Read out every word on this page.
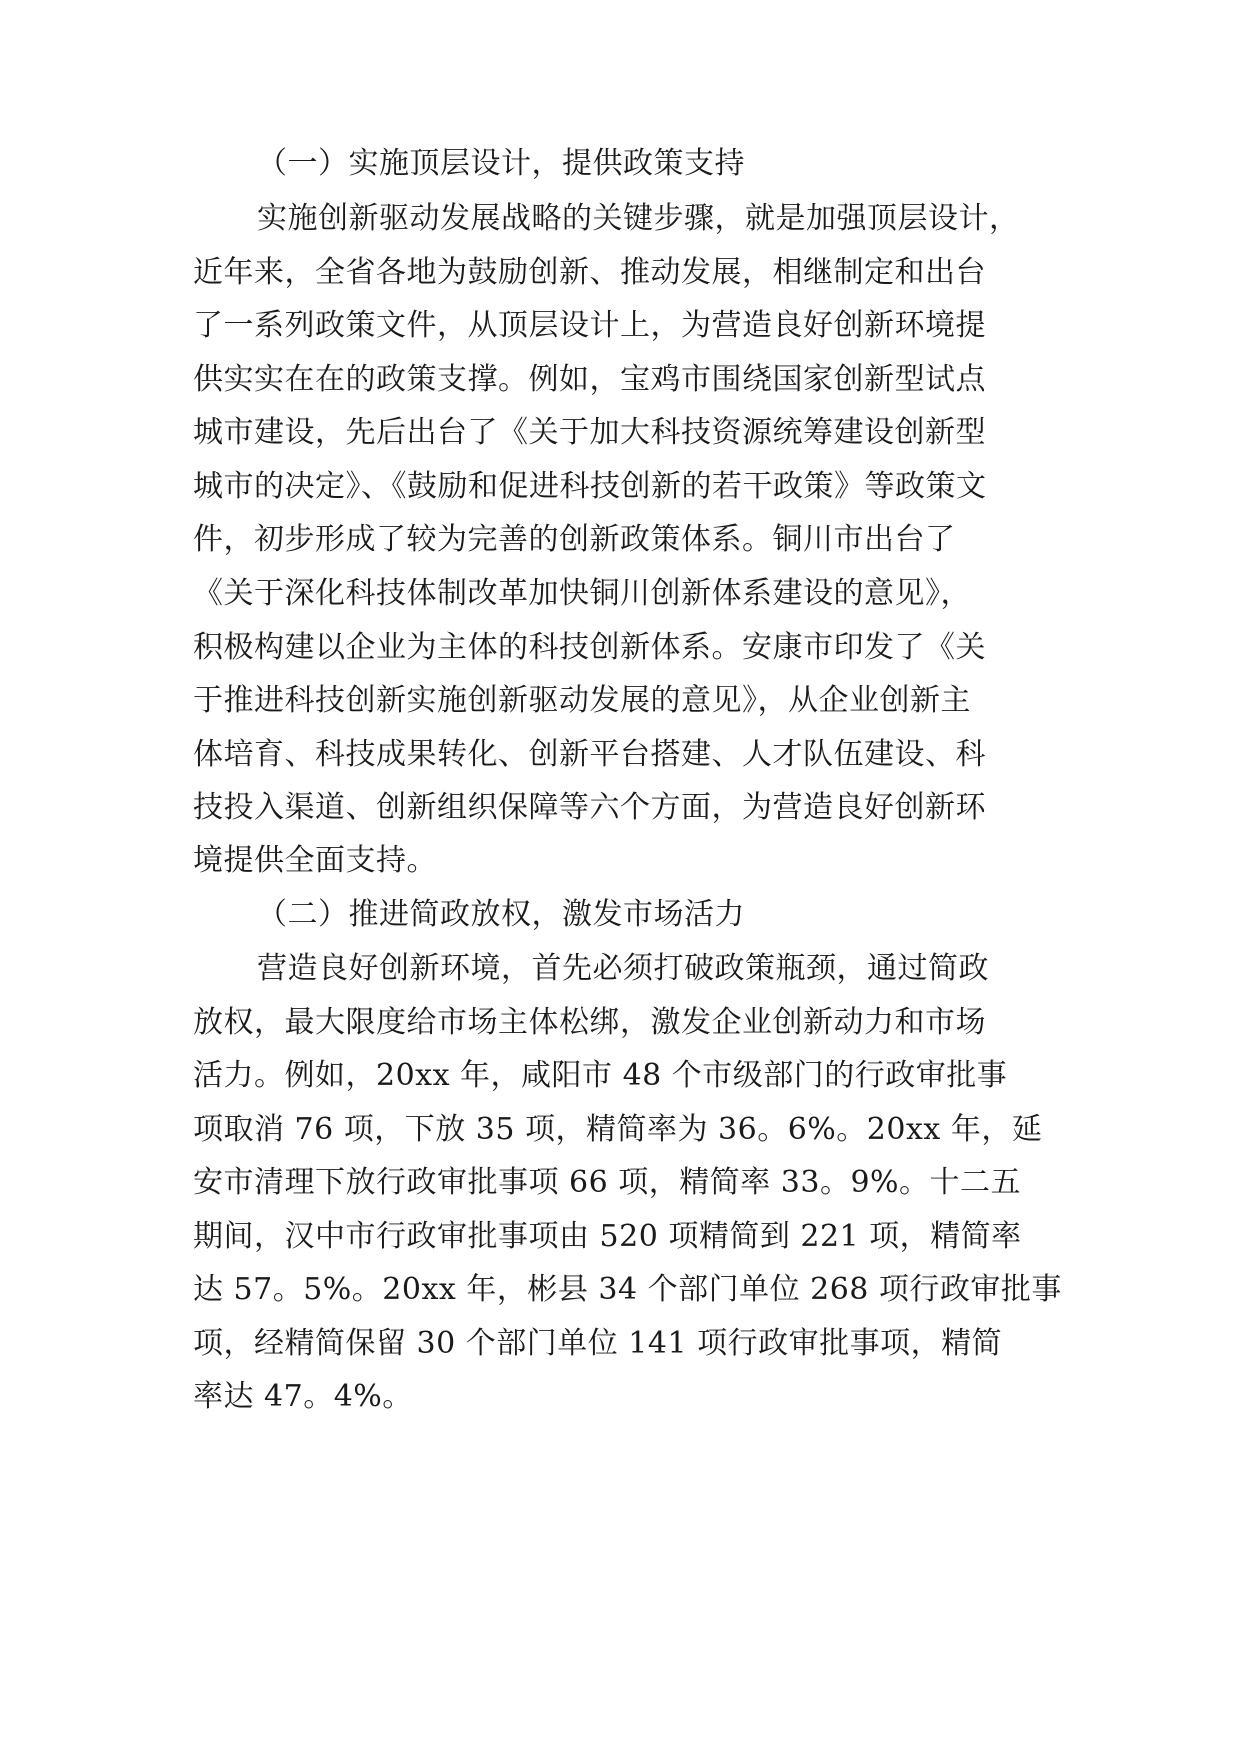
（一）实施顶层设计，提供政策支持
实施创新驱动发展战略的关键步骤，就是加强顶层设计，
近年来，全省各地为鼓励创新、推动发展，相继制定和出台
了一系列政策文件，从顶层设计上，为营造良好创新环境提
供实实在在的政策支撑。例如，宝鸡市围绕国家创新型试点
城市建设，先后出台了《关于加大科技资源统筹建设创新型
城市的决定》、《鼓励和促进科技创新的若干政策》等政策文
件，初步形成了较为完善的创新政策体系。铜川市出台了
《关于深化科技体制改革加快铜川创新体系建设的意见》，
积极构建以企业为主体的科技创新体系。安康市印发了《关
于推进科技创新实施创新驱动发展的意见》，从企业创新主
体培育、科技成果转化、创新平台搭建、人才队伍建设、科
技投入渠道、创新组织保障等六个方面，为营造良好创新环
境提供全面支持。
（二）推进简政放权，激发市场活力
营造良好创新环境，首先必须打破政策瓶颈，通过简政
放权，最大限度给市场主体松绑，激发企业创新动力和市场
活力。例如，20xx 年，咸阳市 48 个市级部门的行政审批事
项取消 76 项，下放 35 项，精简率为 36。6%。20xx 年，延
安市清理下放行政审批事项 66 项，精简率 33。9%。十二五
期间，汉中市行政审批事项由 520 项精简到 221 项，精简率
达 57。5%。20xx 年，彬县 34 个部门单位 268 项行政审批事
项，经精简保留 30 个部门单位 141 项行政审批事项，精简
率达 47。4%。
